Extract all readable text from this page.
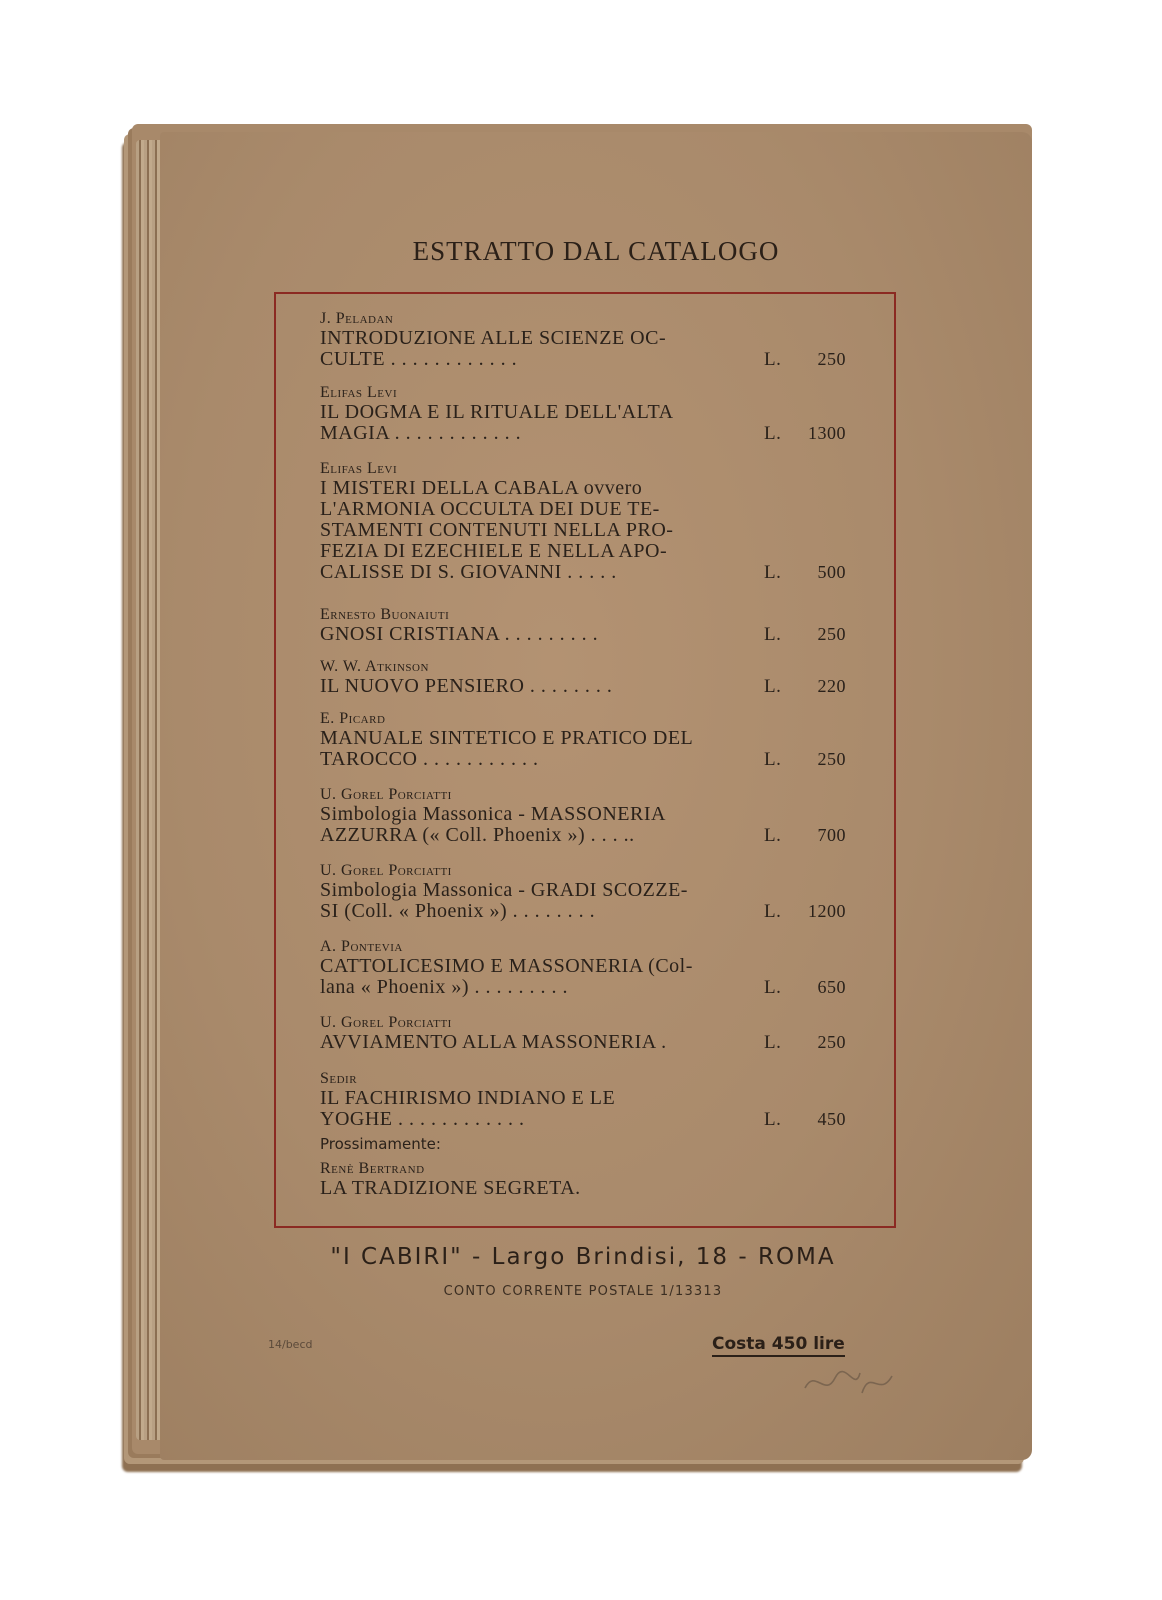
ESTRATTO DAL CATALOGO
J. Peladan
INTRODUZIONE ALLE SCIENZE OC-
CULTE . . . . . . . . . . . .	L. 250
Elifas Levi
IL DOGMA E IL RITUALE DELL'ALTA
MAGIA . . . . . . . . . . . .	L. 1300
Elifas Levi
I MISTERI DELLA CABALA ovvero
L'ARMONIA OCCULTA DEI DUE TE-
STAMENTI CONTENUTI NELLA PRO-
FEZIA DI EZECHIELE E NELLA APO-
CALISSE DI S. GIOVANNI . . . . .	L. 500
Ernesto Buonaiuti
GNOSI CRISTIANA . . . . . . . . .	L. 250
W. W. Atkinson
IL NUOVO PENSIERO . . . . . . . .	L. 220
E. Picard
MANUALE SINTETICO E PRATICO DEL
TAROCCO . . . . . . . . . . .	L. 250
U. Gorel Porciatti
Simbologia Massonica - MASSONERIA
AZZURRA (« Coll. Phoenix ») . . . ..	L. 700
U. Gorel Porciatti
Simbologia Massonica - GRADI SCOZZE-
SI (Coll. « Phoenix ») . . . . . . . .	L. 1200
A. Pontevia
CATTOLICESIMO E MASSONERIA (Col-
lana « Phoenix ») . . . . . . . . .	L. 650
U. Gorel Porciatti
AVVIAMENTO ALLA MASSONERIA .	L. 250
Sedir
IL FACHIRISMO INDIANO E LE
YOGHE . . . . . . . . . . . .	L. 450
Prossimamente:
Renè Bertrand
LA TRADIZIONE SEGRETA.
"I CABIRI" - Largo Brindisi, 18 - ROMA
CONTO CORRENTE POSTALE 1/13313
14/becd	Costa 450 lire
